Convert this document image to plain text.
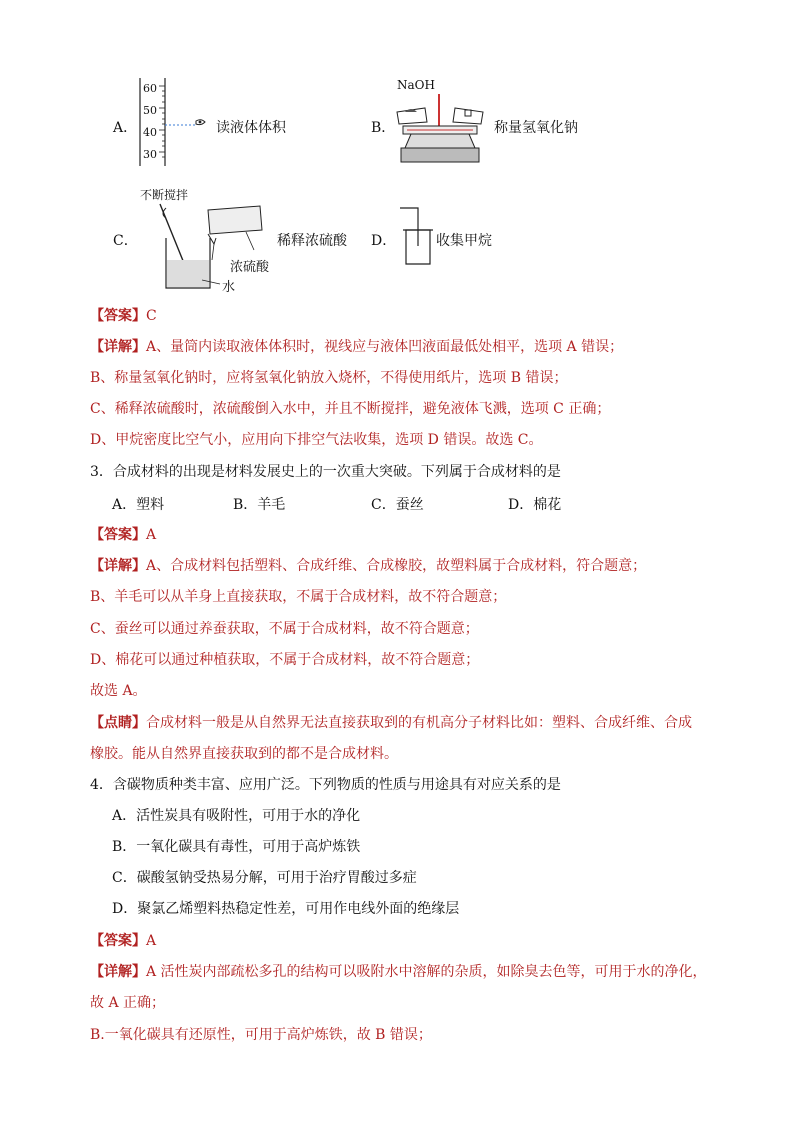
A．
60
50
40
30
读液体体积	B．
NaOH
称量氢氧化钠
不断搅拌
C．
浓硫酸
水
稀释浓硫酸 D．	收集甲烷
【答案】C
【详解】A、量筒内读取液体体积时，视线应与液体凹液面最低处相平，选项 A 错误；
B、称量氢氧化钠时，应将氢氧化钠放入烧杯，不得使用纸片，选项 B 错误；
C、稀释浓硫酸时，浓硫酸倒入水中，并且不断搅拌，避免液体飞溅，选项 C 正确；
D、甲烷密度比空气小，应用向下排空气法收集，选项 D 错误。故选 C。
3．合成材料的出现是材料发展史上的一次重大突破。下列属于合成材料的是
A．塑料	B．羊毛	C．蚕丝	D．棉花
【答案】A
【详解】A、合成材料包括塑料、合成纤维、合成橡胶，故塑料属于合成材料，符合题意；
B、羊毛可以从羊身上直接获取，不属于合成材料，故不符合题意；
C、蚕丝可以通过养蚕获取，不属于合成材料，故不符合题意；
D、棉花可以通过种植获取，不属于合成材料，故不符合题意；
故选 A。
【点睛】合成材料一般是从自然界无法直接获取到的有机高分子材料比如：塑料、合成纤维、合成
橡胶。能从自然界直接获取到的都不是合成材料。
4．含碳物质种类丰富、应用广泛。下列物质的性质与用途具有对应关系的是
A．活性炭具有吸附性，可用于水的净化
B．一氧化碳具有毒性，可用于高炉炼铁
C．碳酸氢钠受热易分解，可用于治疗胃酸过多症
D．聚氯乙烯塑料热稳定性差，可用作电线外面的绝缘层
【答案】A
【详解】A 活性炭内部疏松多孔的结构可以吸附水中溶解的杂质，如除臭去色等，可用于水的净化，
故 A 正确；
B.一氧化碳具有还原性，可用于高炉炼铁，故 B 错误；
